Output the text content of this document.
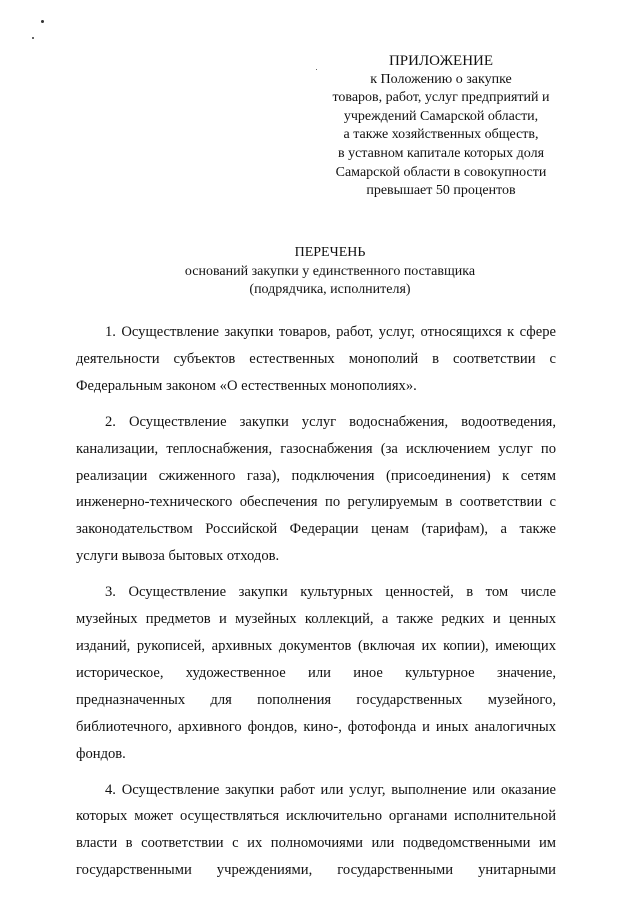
ПРИЛОЖЕНИЕ
к Положению о закупке
товаров, работ, услуг предприятий и
учреждений Самарской области,
а также хозяйственных обществ,
в уставном капитале которых доля
Самарской области в совокупности
превышает 50 процентов
ПЕРЕЧЕНЬ
оснований закупки у единственного поставщика
(подрядчика, исполнителя)

1. Осуществление закупки товаров, работ, услуг, относящихся к сфере
деятельности субъектов естественных монополий в соответствии с
Федеральным законом «О естественных монополиях».

2. Осуществление закупки услуг водоснабжения, водоотведения,
канализации, теплоснабжения, газоснабжения (за исключением услуг по
реализации сжиженного газа), подключения (присоединения) к сетям
инженерно-технического обеспечения по регулируемым в соответствии с
законодательством Российской Федерации ценам (тарифам), а также
услуги вывоза бытовых отходов.

3. Осуществление закупки культурных ценностей, в том числе
музейных предметов и музейных коллекций, а также редких и ценных
изданий, рукописей, архивных документов (включая их копии), имеющих
историческое, художественное или иное культурное значение,
предназначенных для пополнения государственных музейного,
библиотечного, архивного фондов, кино-, фотофонда и иных аналогичных
фондов.

4. Осуществление закупки работ или услуг, выполнение или оказание
которых может осуществляться исключительно органами исполнительной
власти в соответствии с их полномочиями или подведомственными им
государственными учреждениями, государственными унитарными
